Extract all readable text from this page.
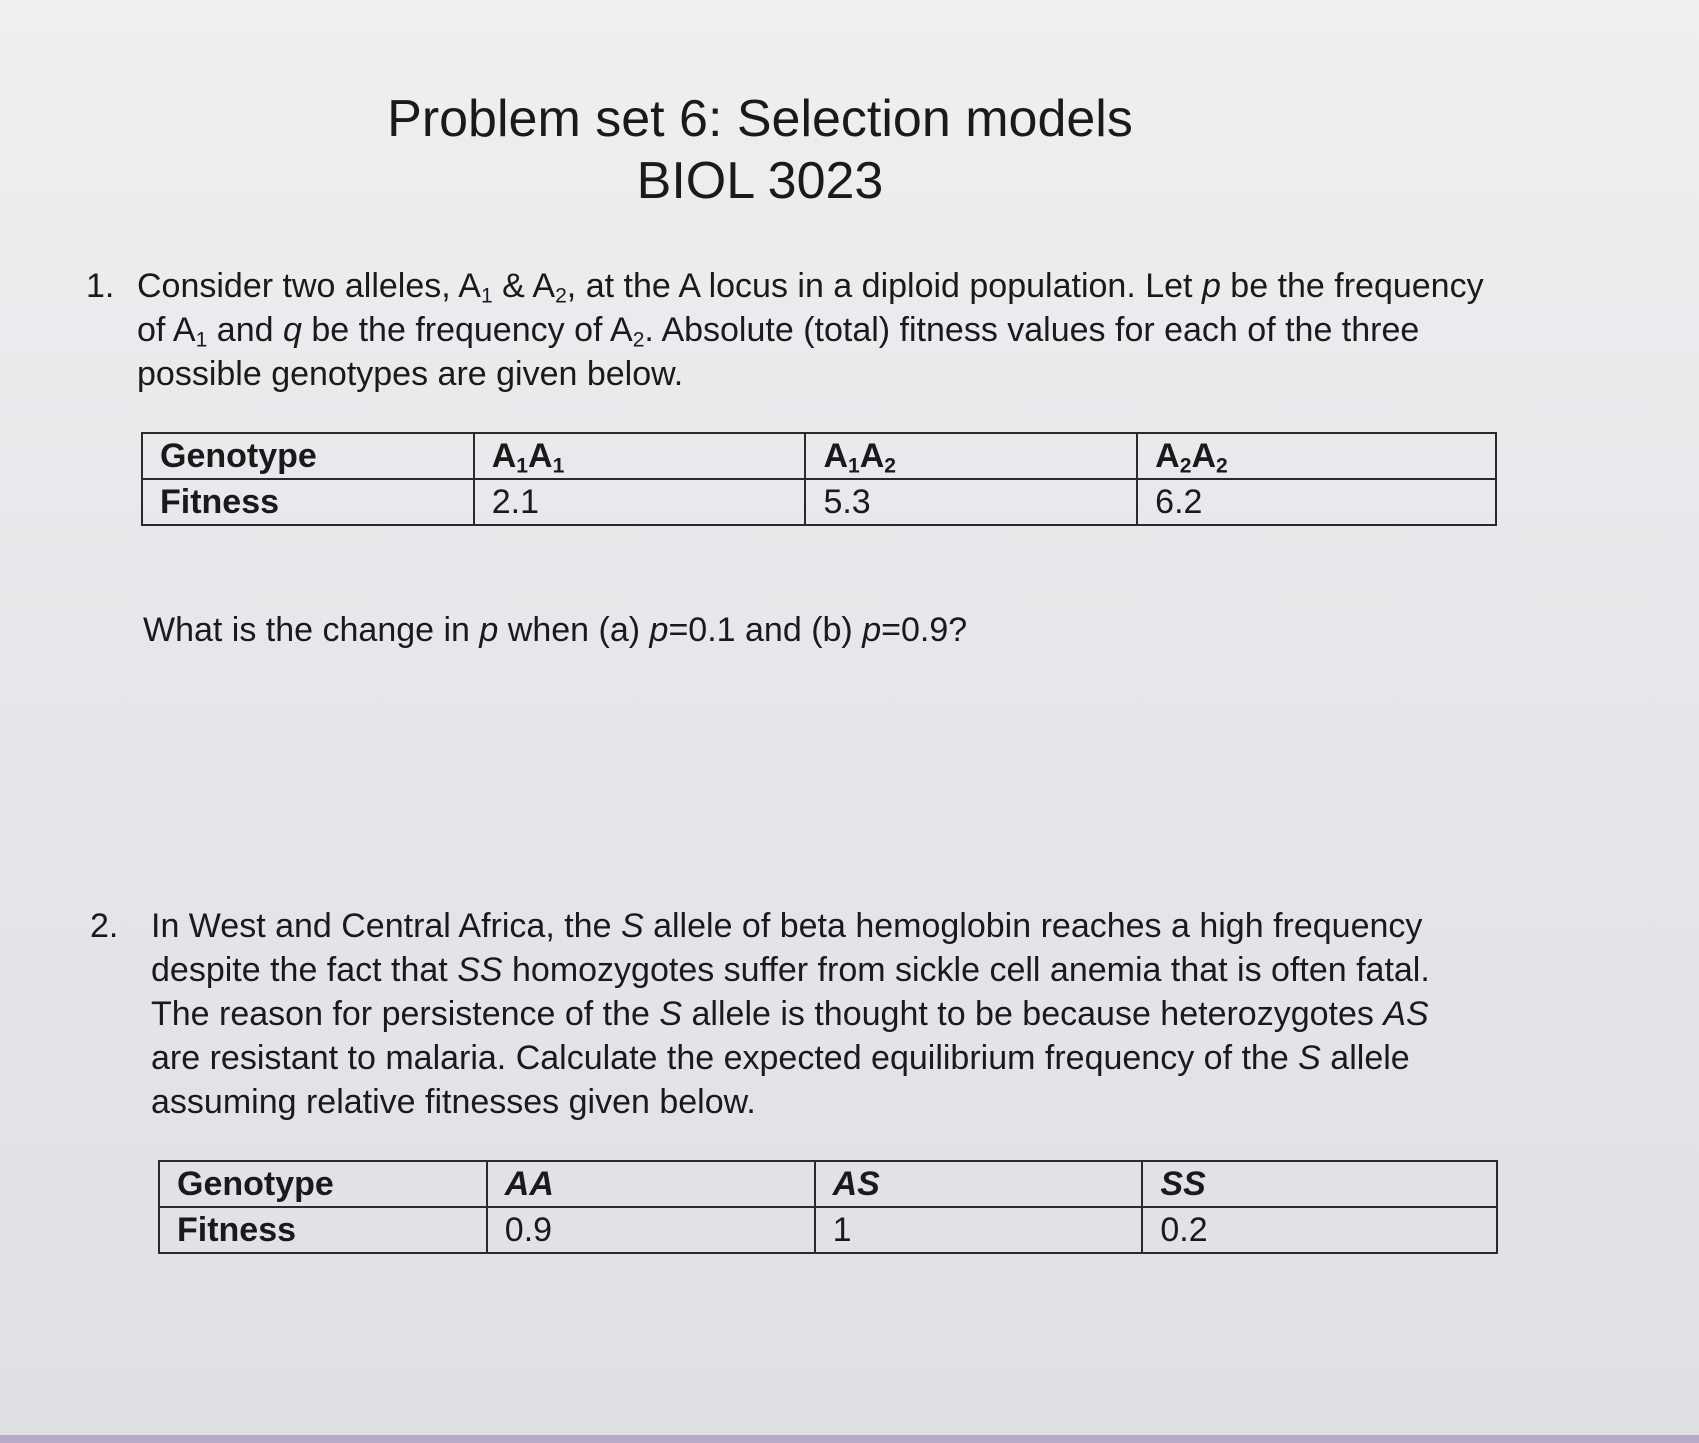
Problem set 6: Selection models
BIOL 3023
1. Consider two alleles, $A_1$ & $A_2$, at the A locus in a diploid population. Let p be the frequency of $A_1$ and q be the frequency of $A_2$. Absolute (total) fitness values for each of the three possible genotypes are given below.

Genotype	$A_1A_1$	$A_1A_2$	$A_2A_2$
Fitness	2.1	5.3	6.2

What is the change in p when (a) p=0.1 and (b) p=0.9?

2. In West and Central Africa, the S allele of beta hemoglobin reaches a high frequency despite the fact that SS homozygotes suffer from sickle cell anemia that is often fatal. The reason for persistence of the S allele is thought to be because heterozygotes AS are resistant to malaria. Calculate the expected equilibrium frequency of the S allele assuming relative fitnesses given below.

Genotype	AA	AS	SS
Fitness	0.9	1	0.2
